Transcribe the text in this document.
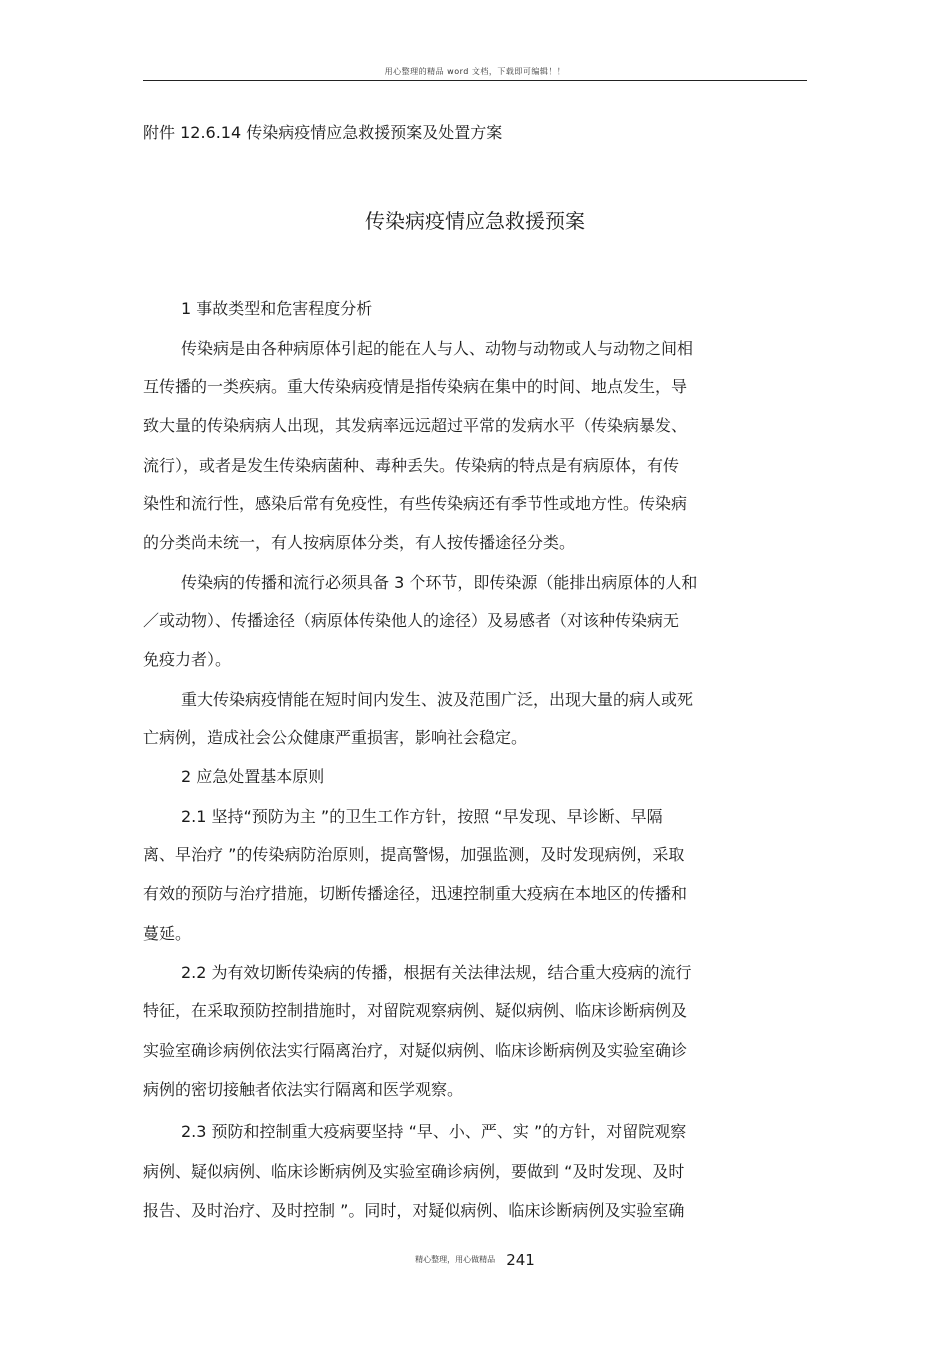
用心整理的精品 word 文档，下载即可编辑！！
附件 12.6.14 传染病疫情应急救援预案及处置方案
传染病疫情应急救援预案
1 事故类型和危害程度分析
传染病是由各种病原体引起的能在人与人、动物与动物或人与动物之间相
互传播的一类疾病。重大传染病疫情是指传染病在集中的时间、地点发生，导
致大量的传染病病人出现，其发病率远远超过平常的发病水平（传染病暴发、
流行），或者是发生传染病菌种、毒种丢失。传染病的特点是有病原体，有传
染性和流行性，感染后常有免疫性，有些传染病还有季节性或地方性。传染病
的分类尚未统一，有人按病原体分类，有人按传播途径分类。
传染病的传播和流行必须具备 3 个环节，即传染源（能排出病原体的人和
／或动物）、传播途径（病原体传染他人的途径）及易感者（对该种传染病无
免疫力者）。
重大传染病疫情能在短时间内发生、波及范围广泛，出现大量的病人或死
亡病例，造成社会公众健康严重损害，影响社会稳定。
2 应急处置基本原则
2.1 坚持“预防为主 ”的卫生工作方针，按照 “早发现、早诊断、早隔
离、早治疗 ”的传染病防治原则，提高警惕，加强监测，及时发现病例，采取
有效的预防与治疗措施，切断传播途径，迅速控制重大疫病在本地区的传播和
蔓延。
2.2 为有效切断传染病的传播，根据有关法律法规，结合重大疫病的流行
特征，在采取预防控制措施时，对留院观察病例、疑似病例、临床诊断病例及
实验室确诊病例依法实行隔离治疗，对疑似病例、临床诊断病例及实验室确诊
病例的密切接触者依法实行隔离和医学观察。
2.3 预防和控制重大疫病要坚持 “早、小、严、实 ”的方针，对留院观察
病例、疑似病例、临床诊断病例及实验室确诊病例，要做到 “及时发现、及时
报告、及时治疗、及时控制 ”。同时，对疑似病例、临床诊断病例及实验室确
精心整理，用心做精品 241
